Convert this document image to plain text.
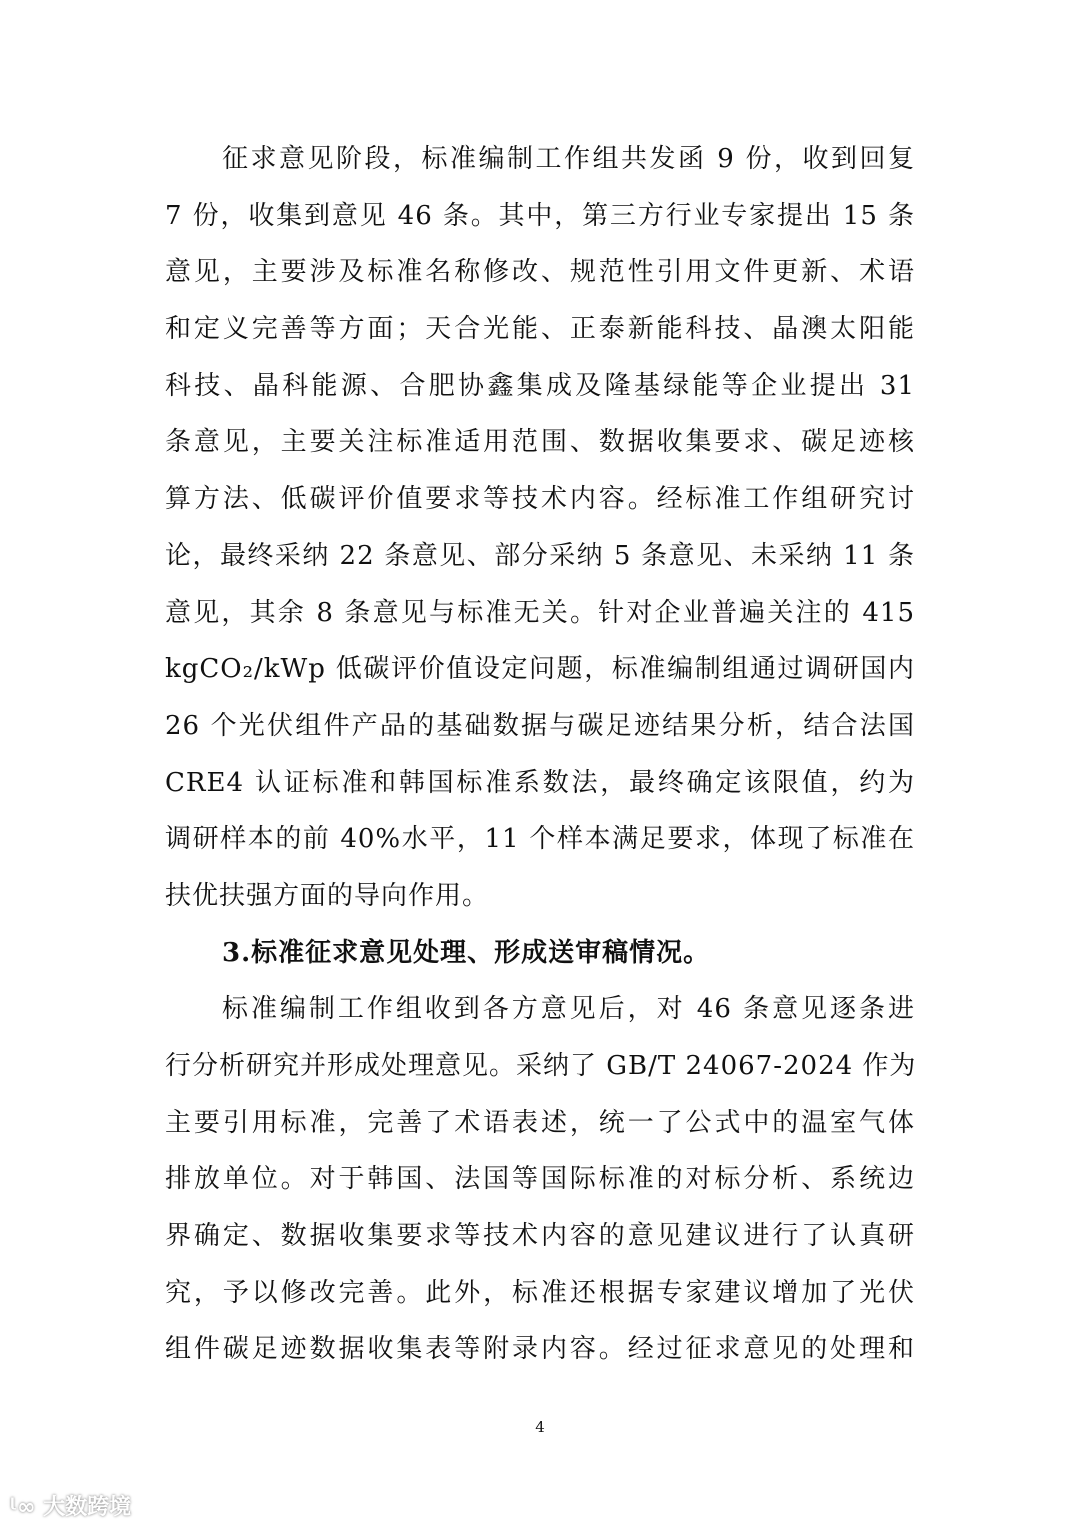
征求意见阶段，标准编制工作组共发函 9 份，收到回复
7 份，收集到意见 46 条。其中，第三方行业专家提出 15 条
意见，主要涉及标准名称修改、规范性引用文件更新、术语
和定义完善等方面；天合光能、正泰新能科技、晶澳太阳能
科技、晶科能源、合肥协鑫集成及隆基绿能等企业提出 31
条意见，主要关注标准适用范围、数据收集要求、碳足迹核
算方法、低碳评价值要求等技术内容。经标准工作组研究讨
论，最终采纳 22 条意见、部分采纳 5 条意见、未采纳 11 条
意见，其余 8 条意见与标准无关。针对企业普遍关注的 415
kgCO₂/kWp 低碳评价值设定问题，标准编制组通过调研国内
26 个光伏组件产品的基础数据与碳足迹结果分析，结合法国
CRE4 认证标准和韩国标准系数法，最终确定该限值，约为
调研样本的前 40%水平，11 个样本满足要求，体现了标准在
扶优扶强方面的导向作用。
3.标准征求意见处理、形成送审稿情况。
标准编制工作组收到各方意见后，对 46 条意见逐条进
行分析研究并形成处理意见。采纳了 GB/T 24067-2024 作为
主要引用标准，完善了术语表述，统一了公式中的温室气体
排放单位。对于韩国、法国等国际标准的对标分析、系统边
界确定、数据收集要求等技术内容的意见建议进行了认真研
究，予以修改完善。此外，标准还根据专家建议增加了光伏
组件碳足迹数据收集表等附录内容。经过征求意见的处理和
4
ᶩ∞ 大数跨境
